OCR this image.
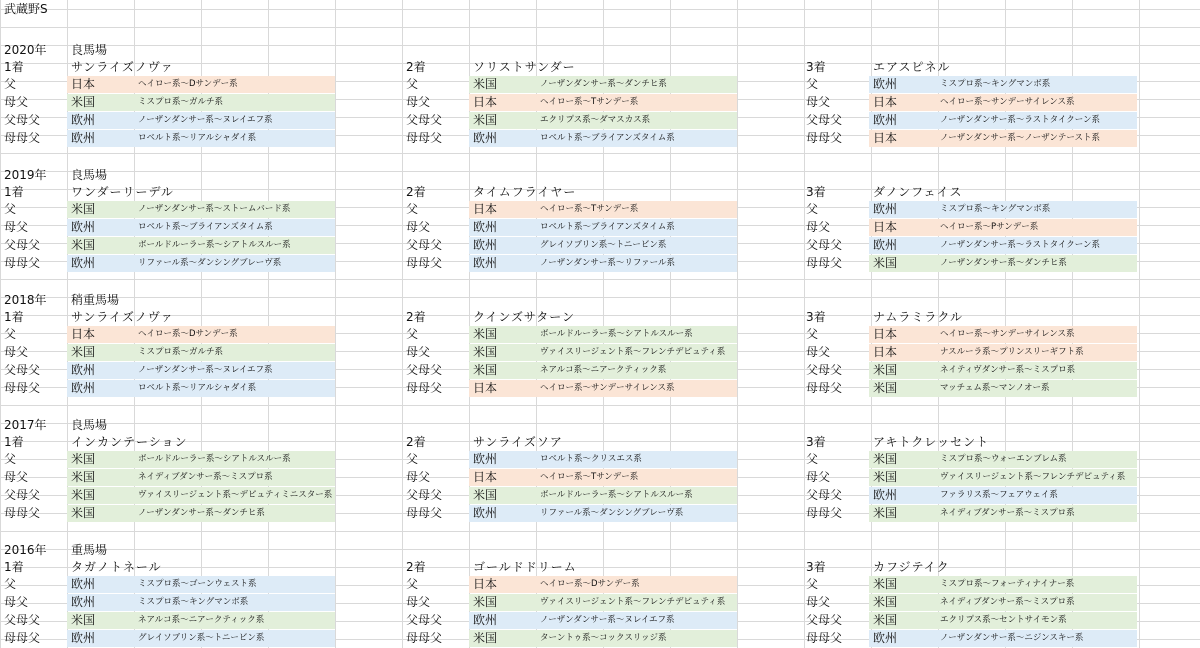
武蔵野S
2020年 良馬場
1着	サンライズノヴァ
父	日本	ヘイロー系～Dサンデー系
母父	米国	ミスプロ系～ガルチ系
父母父	欧州	ノーザンダンサー系～ヌレイエフ系
母母父	欧州	ロベルト系～リアルシャダイ系
2着	ソリストサンダー
父	米国	ノーザンダンサー系～ダンチヒ系
母父	日本	ヘイロー系～Tサンデー系
父母父	米国	エクリプス系～ダマスカス系
母母父	欧州	ロベルト系～ブライアンズタイム系
3着	エアスピネル
父	欧州	ミスプロ系～キングマンボ系
母父	日本	ヘイロー系～サンデーサイレンス系
父母父	欧州	ノーザンダンサー系～ラストタイクーン系
母母父	日本	ノーザンダンサー系～ノーザンテースト系
2019年 良馬場
1着	ワンダーリーデル
父	米国	ノーザンダンサー系～ストームバード系
母父	欧州	ロベルト系～ブライアンズタイム系
父母父	米国	ボールドルーラー系～シアトルスルー系
母母父	欧州	リファール系～ダンシングブレーヴ系
2着	タイムフライヤー
父	日本	ヘイロー系～Tサンデー系
母父	欧州	ロベルト系～ブライアンズタイム系
父母父	欧州	グレイソブリン系～トニービン系
母母父	欧州	ノーザンダンサー系～リファール系
3着	ダノンフェイス
父	欧州	ミスプロ系～キングマンボ系
母父	日本	ヘイロー系～Pサンデー系
父母父	欧州	ノーザンダンサー系～ラストタイクーン系
母母父	米国	ノーザンダンサー系～ダンチヒ系
2018年 稍重馬場
1着	サンライズノヴァ
父	日本	ヘイロー系～Dサンデー系
母父	米国	ミスプロ系～ガルチ系
父母父	欧州	ノーザンダンサー系～ヌレイエフ系
母母父	欧州	ロベルト系～リアルシャダイ系
2着	クインズサターン
父	米国	ボールドルーラー系～シアトルスルー系
母父	米国	ヴァイスリージェント系～フレンチデピュティ系
父母父	米国	ネアルコ系～ニアークティック系
母母父	日本	ヘイロー系～サンデーサイレンス系
3着	ナムラミラクル
父	日本	ヘイロー系～サンデーサイレンス系
母父	日本	ナスルーラ系～プリンスリーギフト系
父母父	米国	ネイティヴダンサー系～ミスプロ系
母母父	米国	マッチェム系～マンノオー系
2017年 良馬場
1着	インカンテーション
父	米国	ボールドルーラー系～シアトルスルー系
母父	米国	ネイディブダンサー系～ミスプロ系
父母父	米国	ヴァイスリージェント系～デピュティミニスター系
母母父	米国	ノーザンダンサー系～ダンチヒ系
2着	サンライズソア
父	欧州	ロベルト系～クリスエス系
母父	日本	ヘイロー系～Tサンデー系
父母父	米国	ボールドルーラー系～シアトルスルー系
母母父	欧州	リファール系～ダンシングブレーヴ系
3着	アキトクレッセント
父	米国	ミスプロ系～ウォーエンブレム系
母父	米国	ヴァイスリージェント系～フレンチデピュティ系
父母父	欧州	ファラリス系～フェアウェイ系
母母父	米国	ネイディブダンサー系～ミスプロ系
2016年 重馬場
1着	タガノトネール
父	欧州	ミスプロ系～ゴーンウェスト系
母父	欧州	ミスプロ系～キングマンボ系
父母父	米国	ネアルコ系～ニアークティック系
母母父	欧州	グレイソブリン系～トニービン系
2着	ゴールドドリーム
父	日本	ヘイロー系～Dサンデー系
母父	米国	ヴァイスリージェント系～フレンチデピュティ系
父母父	欧州	ノーザンダンサー系～ヌレイエフ系
母母父	米国	ターントゥ系～コックスリッジ系
3着	カフジテイク
父	米国	ミスプロ系～フォーティナイナー系
母父	米国	ネイディブダンサー系～ミスプロ系
父母父	米国	エクリプス系～セントサイモン系
母母父	欧州	ノーザンダンサー系～ニジンスキー系
